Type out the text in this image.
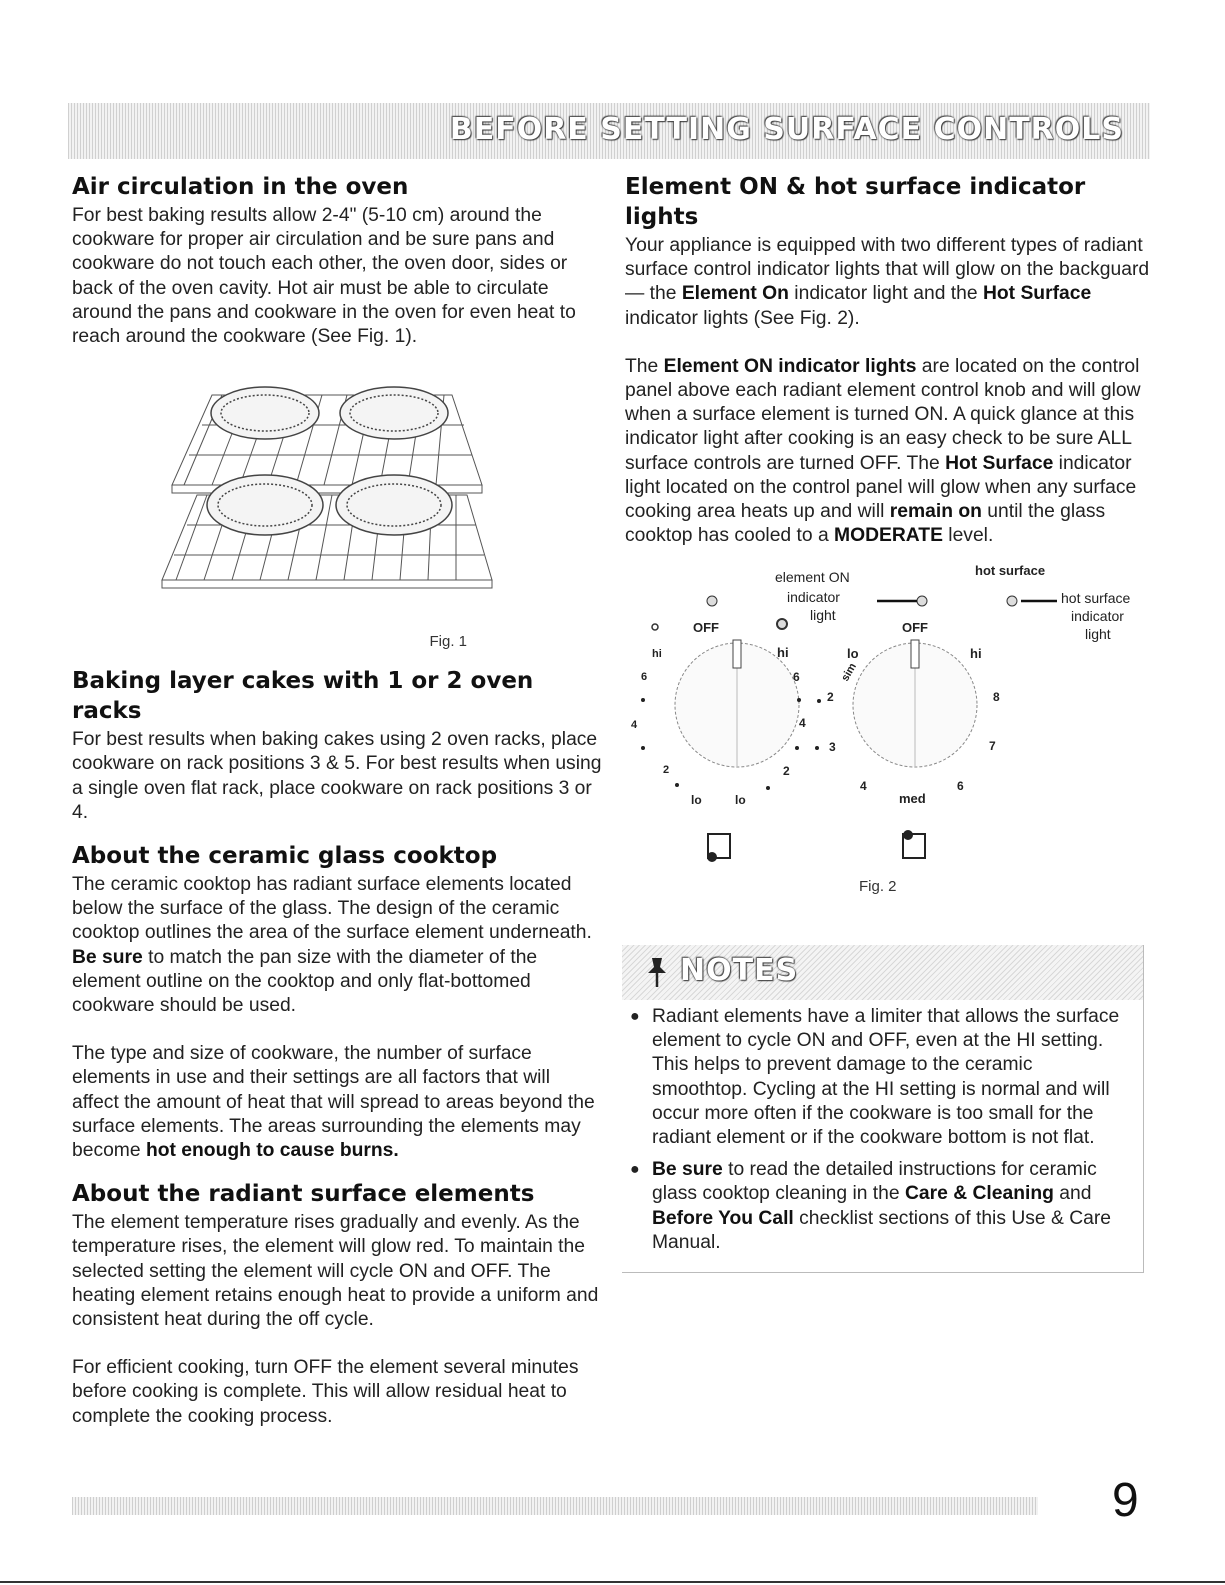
BEFORE SETTING SURFACE CONTROLS
Air circulation in the oven

For best baking results allow 2-4" (5-10 cm) around the cookware for proper air circulation and be sure pans and cookware do not touch each other, the oven door, sides or back of the oven cavity. Hot air must be able to circulate around the pans and cookware in the oven for even heat to reach around the cookware (See Fig. 1).

Fig. 1
Baking layer cakes with 1 or 2 oven racks

For best results when baking cakes using 2 oven racks, place cookware on rack positions 3 & 5. For best results when using a single oven flat rack, place cookware on rack positions 3 or 4.

About the ceramic glass cooktop

The ceramic cooktop has radiant surface elements located below the surface of the glass. The design of the ceramic cooktop outlines the area of the surface element underneath. Be sure to match the pan size with the diameter of the element outline on the cooktop and only flat-bottomed cookware should be used.

The type and size of cookware, the number of surface elements in use and their settings are all factors that will affect the amount of heat that will spread to areas beyond the surface elements. The areas surrounding the elements may become hot enough to cause burns.

About the radiant surface elements

The element temperature rises gradually and evenly. As the temperature rises, the element will glow red. To maintain the selected setting the element will cycle ON and OFF. The heating element retains enough heat to provide a uniform and consistent heat during the off cycle.

For efficient cooking, turn OFF the element several minutes before cooking is complete. This will allow residual heat to complete the cooking process.

Element ON & hot surface indicator lights

Your appliance is equipped with two different types of radiant surface control indicator lights that will glow on the backguard — the Element On indicator light and the Hot Surface indicator lights (See Fig. 2).

The Element ON indicator lights are located on the control panel above each radiant element control knob and will glow when a surface element is turned ON. A quick glance at this indicator light after cooking is an easy check to be sure ALL surface controls are turned OFF. The Hot Surface indicator light located on the control panel will glow when any surface cooking area heats up and will remain on until the glass cooktop has cooled to a MODERATE level.

element ON
indicator
light
hot surface
hot surface
indicator
light
OFF
hi	hi
6	6
4	4
2	2
lo	lo
OFF
lo
sim
2
3
4
med
6
7
8
hi
Fig. 2
NOTES
● Radiant elements have a limiter that allows the surface element to cycle ON and OFF, even at the HI setting. This helps to prevent damage to the ceramic smoothtop. Cycling at the HI setting is normal and will occur more often if the cookware is too small for the radiant element or if the cookware bottom is not flat.
● Be sure to read the detailed instructions for ceramic glass cooktop cleaning in the Care & Cleaning and Before You Call checklist sections of this Use & Care Manual.
9
